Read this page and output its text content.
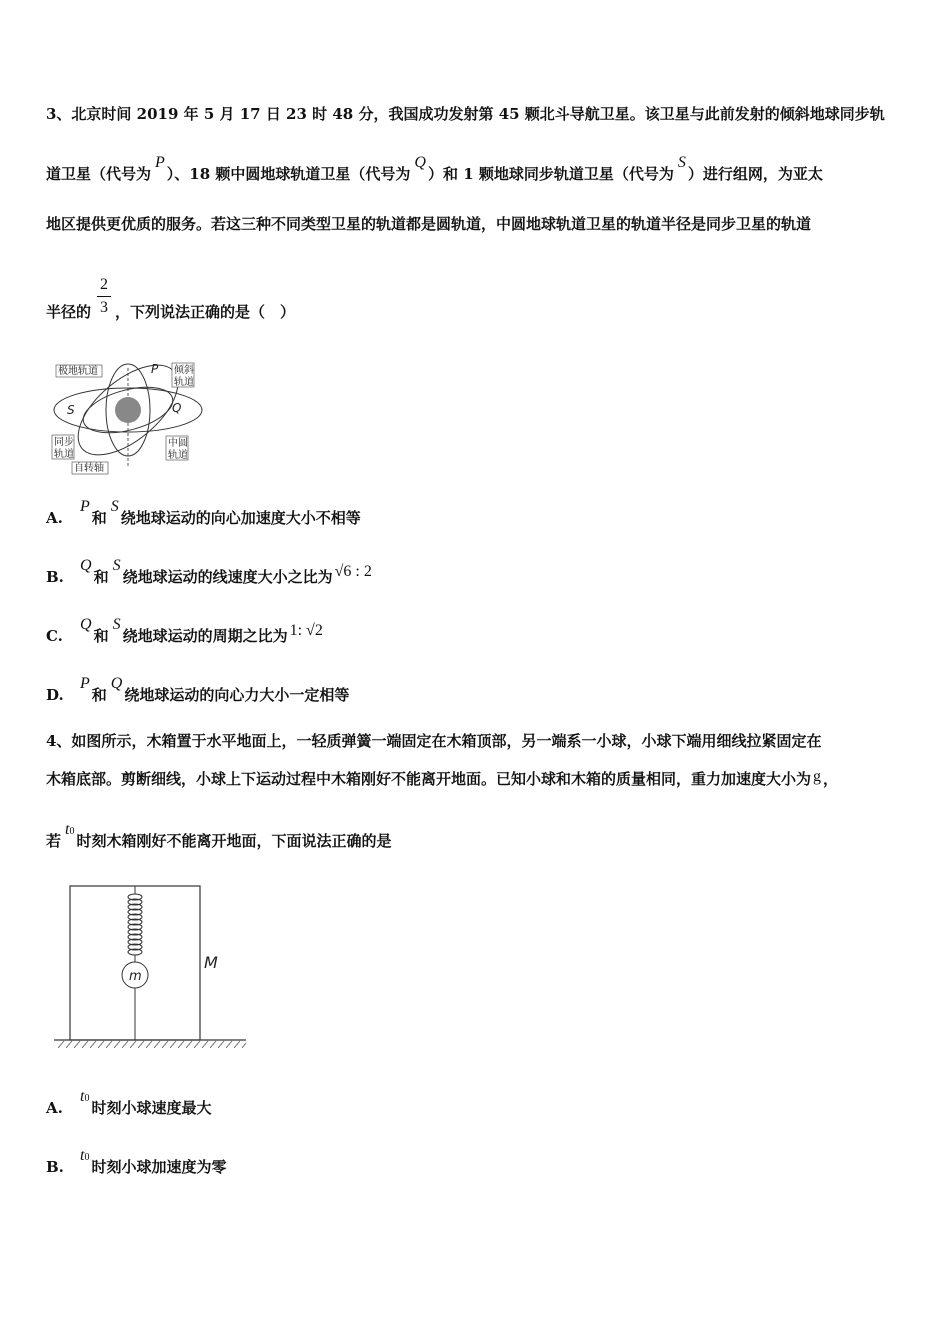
3、北京时间 2019 年 5 月 17 日 23 时 48 分，我国成功发射第 45 颗北斗导航卫星。该卫星与此前发射的倾斜地球同步轨
道卫星（代号为P）、18 颗中圆地球轨道卫星（代号为Q）和 1 颗地球同步轨道卫星（代号为S）进行组网，为亚太
地区提供更优质的服务。若这三种不同类型卫星的轨道都是圆轨道，中圆地球轨道卫星的轨道半径是同步卫星的轨道
半径的 ，下列说法正确的是（　）
2
3
极地轨道	倾斜
轨道
同步
轨道
中圆
轨道
自转轴
P
Q
S
A.P和S绕地球运动的向心加速度大小不相等
B.Q和S绕地球运动的线速度大小之比为 √6 : 2
C.Q和S绕地球运动的周期之比为 1: √2
D.P和Q绕地球运动的向心力大小一定相等
4、如图所示，木箱置于水平地面上，一轻质弹簧一端固定在木箱顶部，另一端系一小球，小球下端用细线拉紧固定在
木箱底部。剪断细线，小球上下运动过程中木箱刚好不能离开地面。已知小球和木箱的质量相同，重力加速度大小为 g ，
若t0时刻木箱刚好不能离开地面，下面说法正确的是
m
M
A.t0时刻小球速度最大
B.t0时刻小球加速度为零
